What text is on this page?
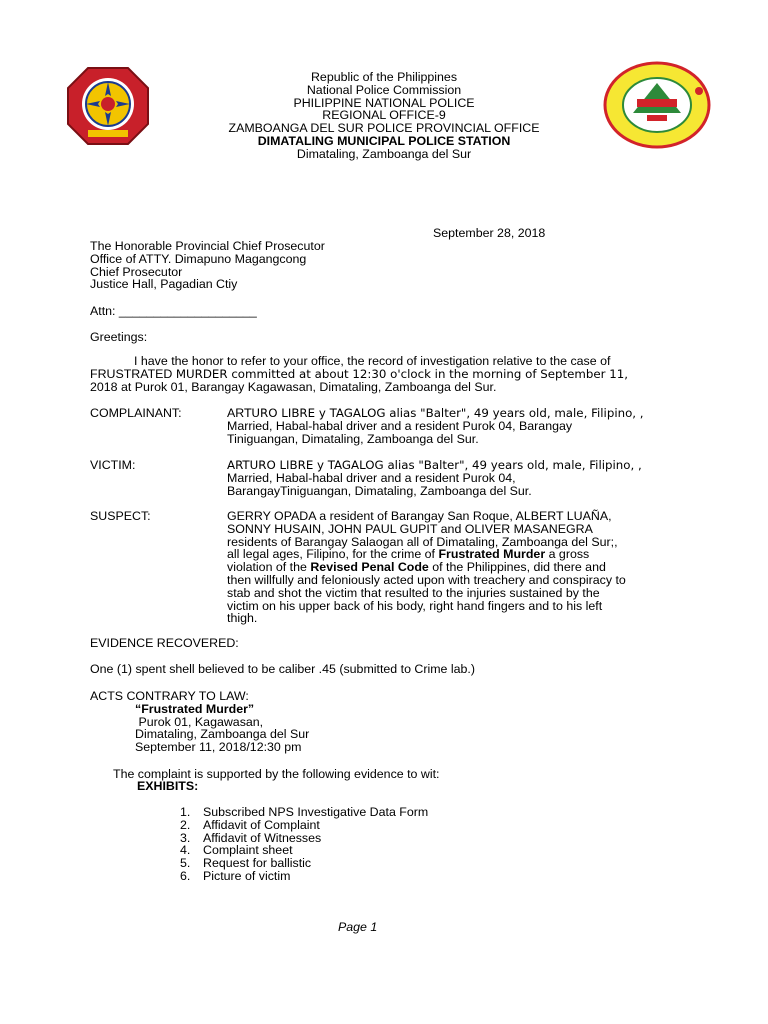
Republic of the Philippines
National Police Commission
PHILIPPINE NATIONAL POLICE
REGIONAL OFFICE-9
ZAMBOANGA DEL SUR POLICE PROVINCIAL OFFICE
DIMATALING MUNICIPAL POLICE STATION
Dimataling, Zamboanga del Sur
September 28, 2018
The Honorable Provincial Chief Prosecutor
Office of ATTY. Dimapuno Magangcong
Chief Prosecutor
Justice Hall, Pagadian Ctiy
Attn: ____________________
Greetings:
I have the honor to refer to your office, the record of investigation relative to the case of
FRUSTRATED MURDER committed at about 12:30 o'clock in the morning of September 11,
2018 at Purok 01, Barangay Kagawasan, Dimataling, Zamboanga del Sur.
COMPLAINANT:	ARTURO LIBRE y TAGALOG alias "Balter", 49 years old, male, Filipino, ,
Married, Habal-habal driver and a resident Purok 04, Barangay
Tiniguangan, Dimataling, Zamboanga del Sur.
VICTIM:	ARTURO LIBRE y TAGALOG alias "Balter", 49 years old, male, Filipino, ,
Married, Habal-habal driver and a resident Purok 04,
BarangayTiniguangan, Dimataling, Zamboanga del Sur.
SUSPECT:	GERRY OPADA a resident of Barangay San Roque, ALBERT LUAÑA,
SONNY HUSAIN, JOHN PAUL GUPIT and OLIVER MASANEGRA
residents of Barangay Salaogan all of Dimataling, Zamboanga del Sur;,
all legal ages, Filipino, for the crime of Frustrated Murder a gross
violation of the Revised Penal Code of the Philippines, did there and
then willfully and feloniously acted upon with treachery and conspiracy to
stab and shot the victim that resulted to the injuries sustained by the
victim on his upper back of his body, right hand fingers and to his left
thigh.
EVIDENCE RECOVERED:
One (1) spent shell believed to be caliber .45 (submitted to Crime lab.)
ACTS CONTRARY TO LAW:
“Frustrated Murder”
Purok 01, Kagawasan,
Dimataling, Zamboanga del Sur
September 11, 2018/12:30 pm
The complaint is supported by the following evidence to wit:
EXHIBITS:
1. Subscribed NPS Investigative Data Form
2. Affidavit of Complaint
3. Affidavit of Witnesses
4. Complaint sheet
5. Request for ballistic
6. Picture of victim
Page 1
